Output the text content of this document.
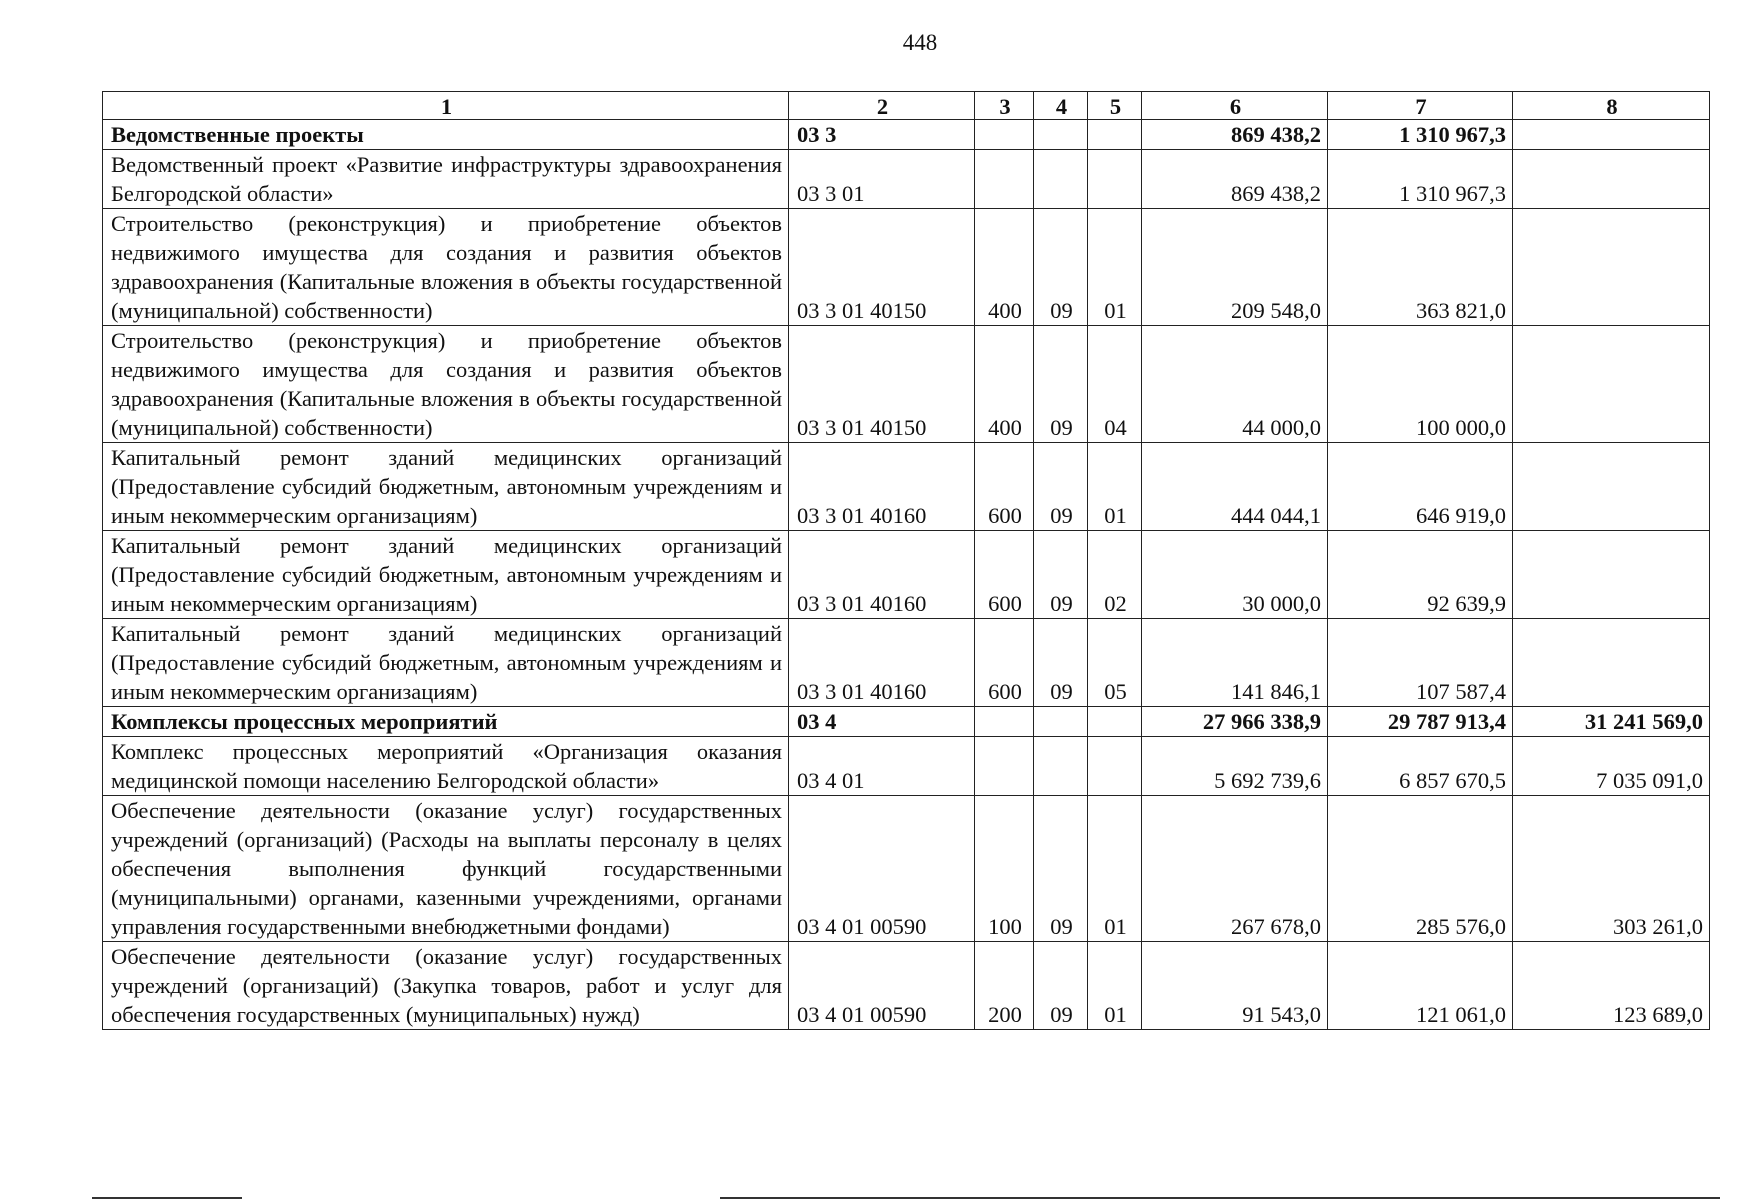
448
1	2	3	4	5	6	7	8
Ведомственные проекты	03 3				869 438,2	1 310 967,3	
Ведомственный проект «Развитие инфраструктуры здравоохранения Белгородской области»	03 3 01				869 438,2	1 310 967,3	
Строительство (реконструкция) и приобретение объектов недвижимого имущества для создания и развития объектов здравоохранения (Капитальные вложения в объекты государственной (муниципальной) собственности)	03 3 01 40150	400	09	01	209 548,0	363 821,0	
Строительство (реконструкция) и приобретение объектов недвижимого имущества для создания и развития объектов здравоохранения (Капитальные вложения в объекты государственной (муниципальной) собственности)	03 3 01 40150	400	09	04	44 000,0	100 000,0	
Капитальный ремонт зданий медицинских организаций (Предоставление субсидий бюджетным, автономным учреждениям и иным некоммерческим организациям)	03 3 01 40160	600	09	01	444 044,1	646 919,0	
Капитальный ремонт зданий медицинских организаций (Предоставление субсидий бюджетным, автономным учреждениям и иным некоммерческим организациям)	03 3 01 40160	600	09	02	30 000,0	92 639,9	
Капитальный ремонт зданий медицинских организаций (Предоставление субсидий бюджетным, автономным учреждениям и иным некоммерческим организациям)	03 3 01 40160	600	09	05	141 846,1	107 587,4	
Комплексы процессных мероприятий	03 4				27 966 338,9	29 787 913,4	31 241 569,0
Комплекс процессных мероприятий «Организация оказания медицинской помощи населению Белгородской области»	03 4 01				5 692 739,6	6 857 670,5	7 035 091,0
Обеспечение деятельности (оказание услуг) государственных учреждений (организаций) (Расходы на выплаты персоналу в целях обеспечения выполнения функций государственными (муниципальными) органами, казенными учреждениями, органами управления государственными внебюджетными фондами)	03 4 01 00590	100	09	01	267 678,0	285 576,0	303 261,0
Обеспечение деятельности (оказание услуг) государственных учреждений (организаций) (Закупка товаров, работ и услуг для обеспечения государственных (муниципальных) нужд)	03 4 01 00590	200	09	01	91 543,0	121 061,0	123 689,0
